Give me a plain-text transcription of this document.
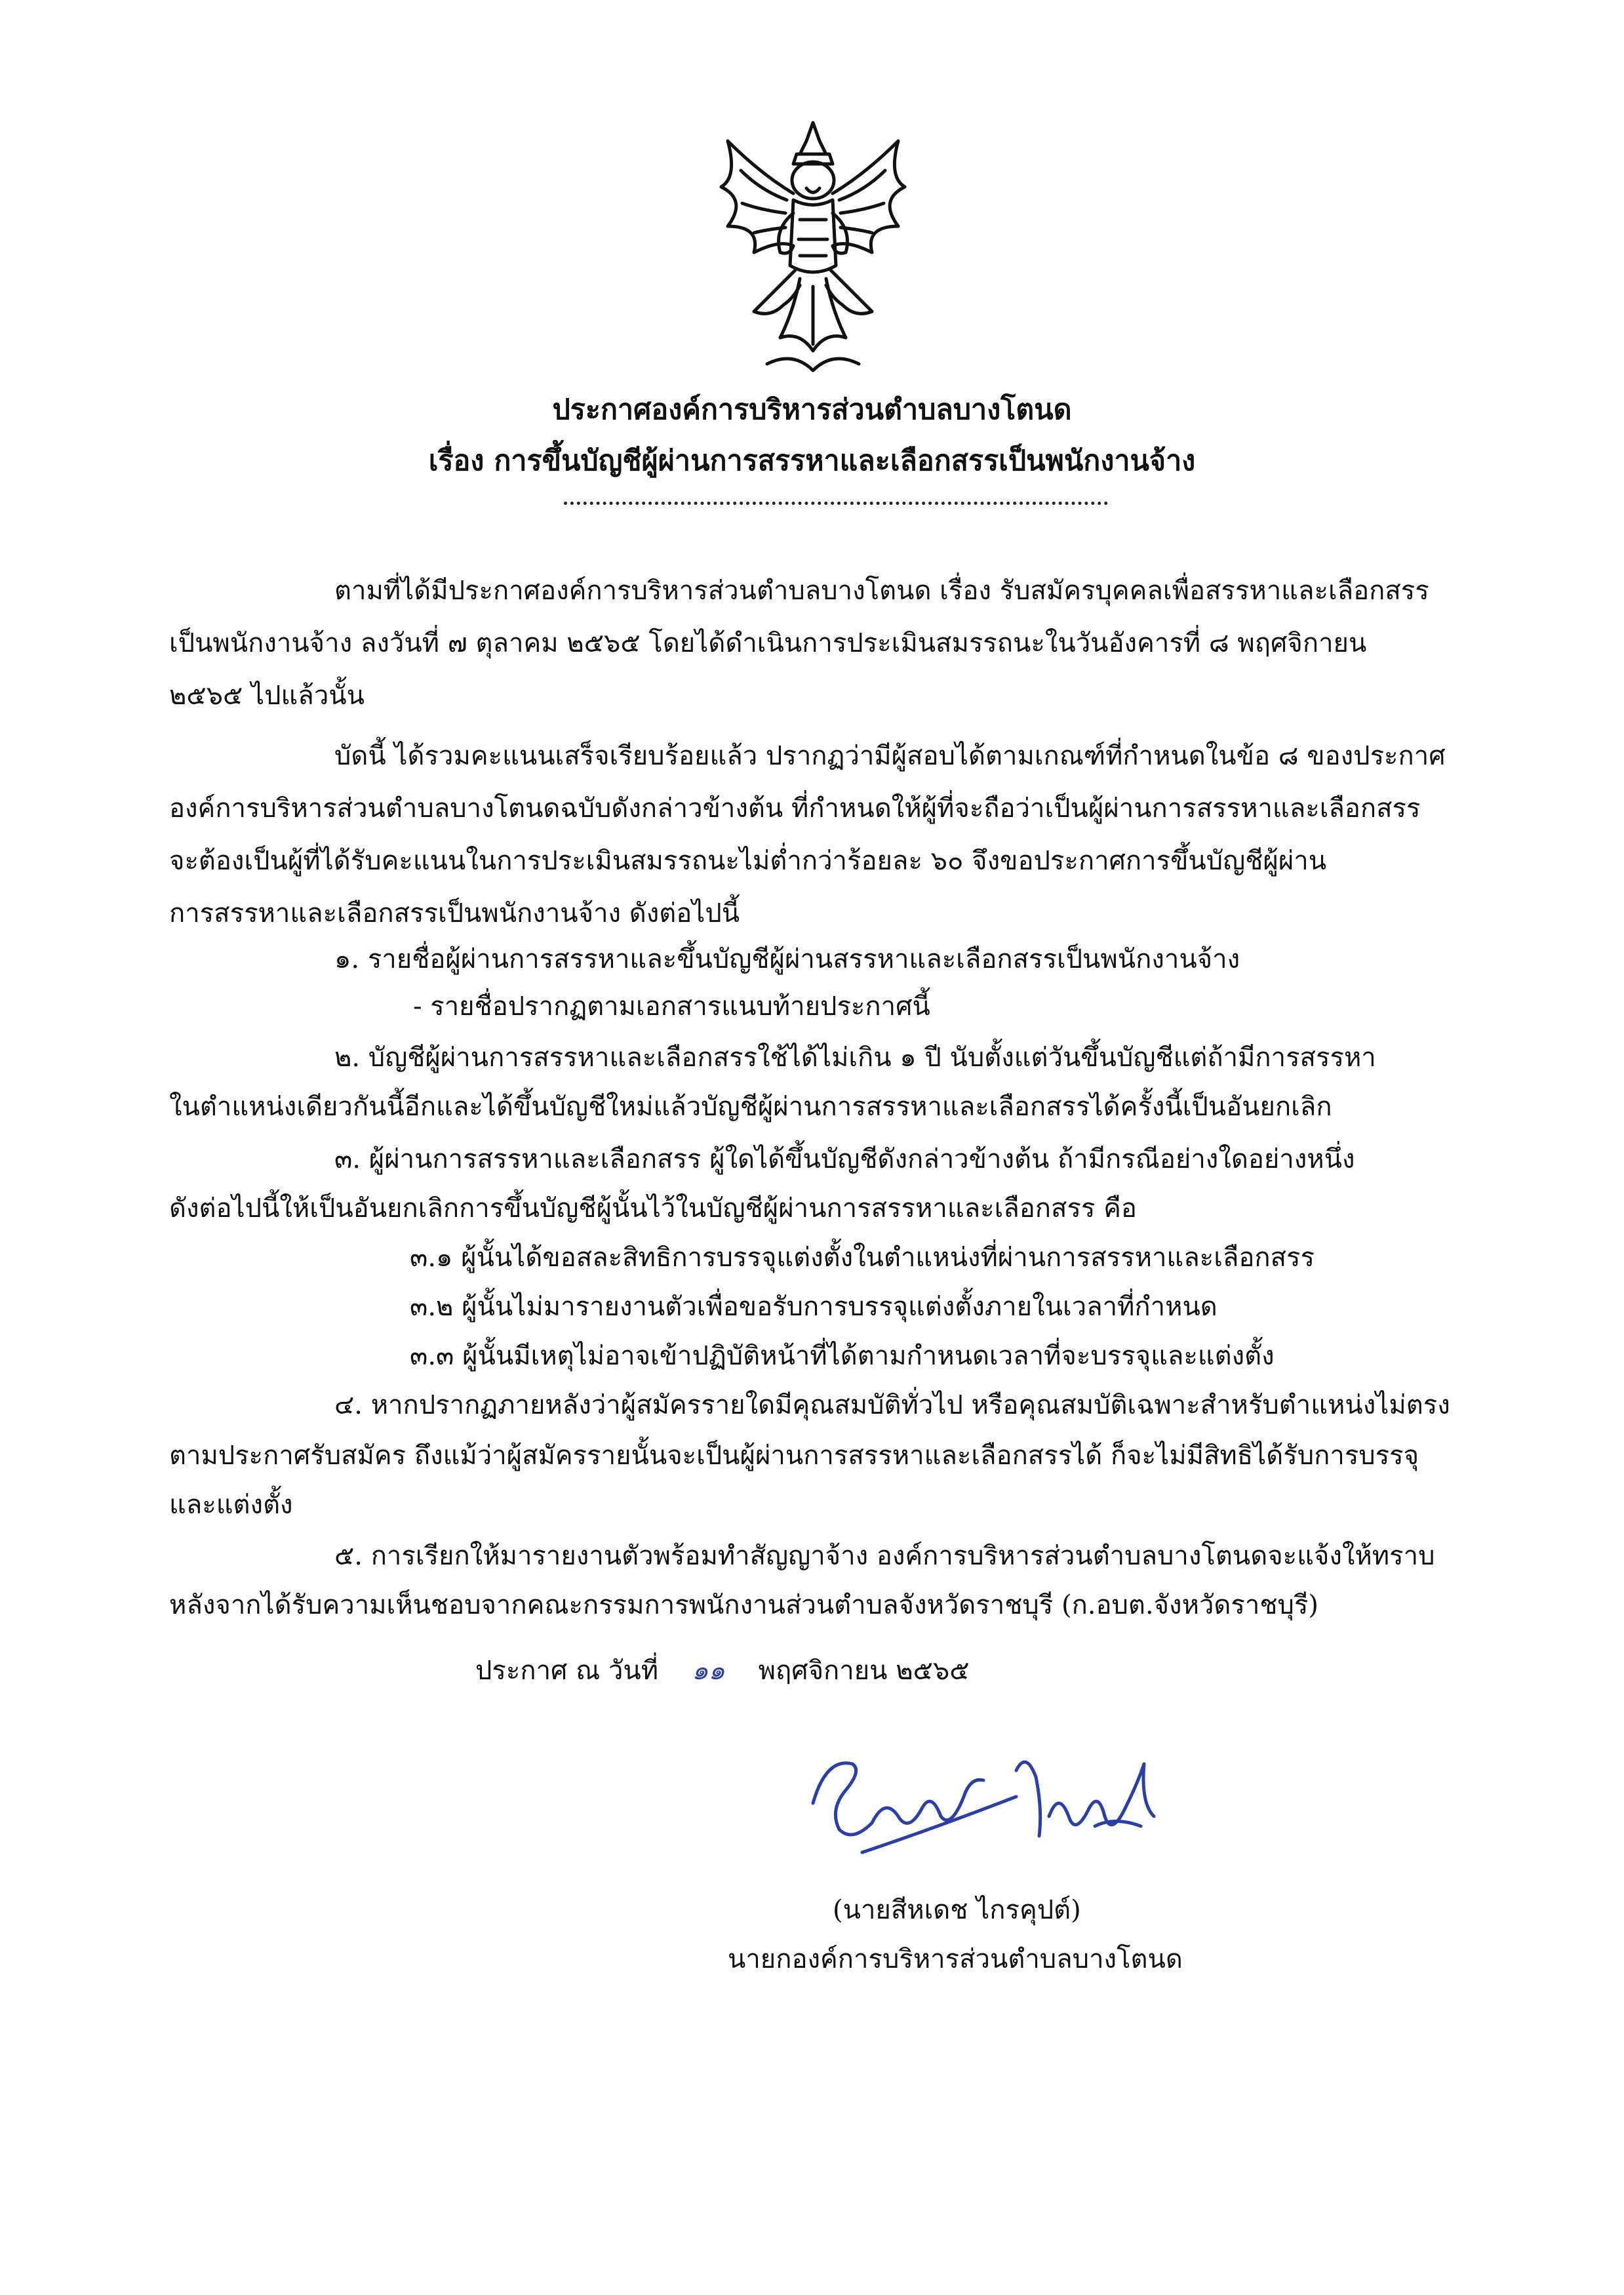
ประกาศองค์การบริหารส่วนตำบลบางโตนด
เรื่อง การขึ้นบัญชีผู้ผ่านการสรรหาและเลือกสรรเป็นพนักงานจ้าง
ตามที่ได้มีประกาศองค์การบริหารส่วนตำบลบางโตนด เรื่อง รับสมัครบุคคลเพื่อสรรหาและเลือกสรร
เป็นพนักงานจ้าง ลงวันที่ ๗ ตุลาคม ๒๕๖๕ โดยได้ดำเนินการประเมินสมรรถนะในวันอังคารที่ ๘ พฤศจิกายน
๒๕๖๕ ไปแล้วนั้น
บัดนี้ ได้รวมคะแนนเสร็จเรียบร้อยแล้ว ปรากฏว่ามีผู้สอบได้ตามเกณฑ์ที่กำหนดในข้อ ๘ ของประกาศ
องค์การบริหารส่วนตำบลบางโตนดฉบับดังกล่าวข้างต้น ที่กำหนดให้ผู้ที่จะถือว่าเป็นผู้ผ่านการสรรหาและเลือกสรร
จะต้องเป็นผู้ที่ได้รับคะแนนในการประเมินสมรรถนะไม่ต่ำกว่าร้อยละ ๖๐ จึงขอประกาศการขึ้นบัญชีผู้ผ่าน
การสรรหาและเลือกสรรเป็นพนักงานจ้าง ดังต่อไปนี้
๑. รายชื่อผู้ผ่านการสรรหาและขึ้นบัญชีผู้ผ่านสรรหาและเลือกสรรเป็นพนักงานจ้าง
- รายชื่อปรากฏตามเอกสารแนบท้ายประกาศนี้
๒. บัญชีผู้ผ่านการสรรหาและเลือกสรรใช้ได้ไม่เกิน ๑ ปี นับตั้งแต่วันขึ้นบัญชีแต่ถ้ามีการสรรหา
ในตำแหน่งเดียวกันนี้อีกและได้ขึ้นบัญชีใหม่แล้วบัญชีผู้ผ่านการสรรหาและเลือกสรรได้ครั้งนี้เป็นอันยกเลิก
๓. ผู้ผ่านการสรรหาและเลือกสรร ผู้ใดได้ขึ้นบัญชีดังกล่าวข้างต้น ถ้ามีกรณีอย่างใดอย่างหนึ่ง
ดังต่อไปนี้ให้เป็นอันยกเลิกการขึ้นบัญชีผู้นั้นไว้ในบัญชีผู้ผ่านการสรรหาและเลือกสรร คือ
๓.๑ ผู้นั้นได้ขอสละสิทธิการบรรจุแต่งตั้งในตำแหน่งที่ผ่านการสรรหาและเลือกสรร
๓.๒ ผู้นั้นไม่มารายงานตัวเพื่อขอรับการบรรจุแต่งตั้งภายในเวลาที่กำหนด
๓.๓ ผู้นั้นมีเหตุไม่อาจเข้าปฏิบัติหน้าที่ได้ตามกำหนดเวลาที่จะบรรจุและแต่งตั้ง
๔. หากปรากฏภายหลังว่าผู้สมัครรายใดมีคุณสมบัติทั่วไป หรือคุณสมบัติเฉพาะสำหรับตำแหน่งไม่ตรง
ตามประกาศรับสมัคร ถึงแม้ว่าผู้สมัครรายนั้นจะเป็นผู้ผ่านการสรรหาและเลือกสรรได้ ก็จะไม่มีสิทธิได้รับการบรรจุ
และแต่งตั้ง
๕. การเรียกให้มารายงานตัวพร้อมทำสัญญาจ้าง องค์การบริหารส่วนตำบลบางโตนดจะแจ้งให้ทราบ
หลังจากได้รับความเห็นชอบจากคณะกรรมการพนักงานส่วนตำบลจังหวัดราชบุรี (ก.อบต.จังหวัดราชบุรี)
ประกาศ ณ วันที่ ๑๑ พฤศจิกายน ๒๕๖๕
(นายสีหเดช ไกรคุปต์)
นายกองค์การบริหารส่วนตำบลบางโตนด
